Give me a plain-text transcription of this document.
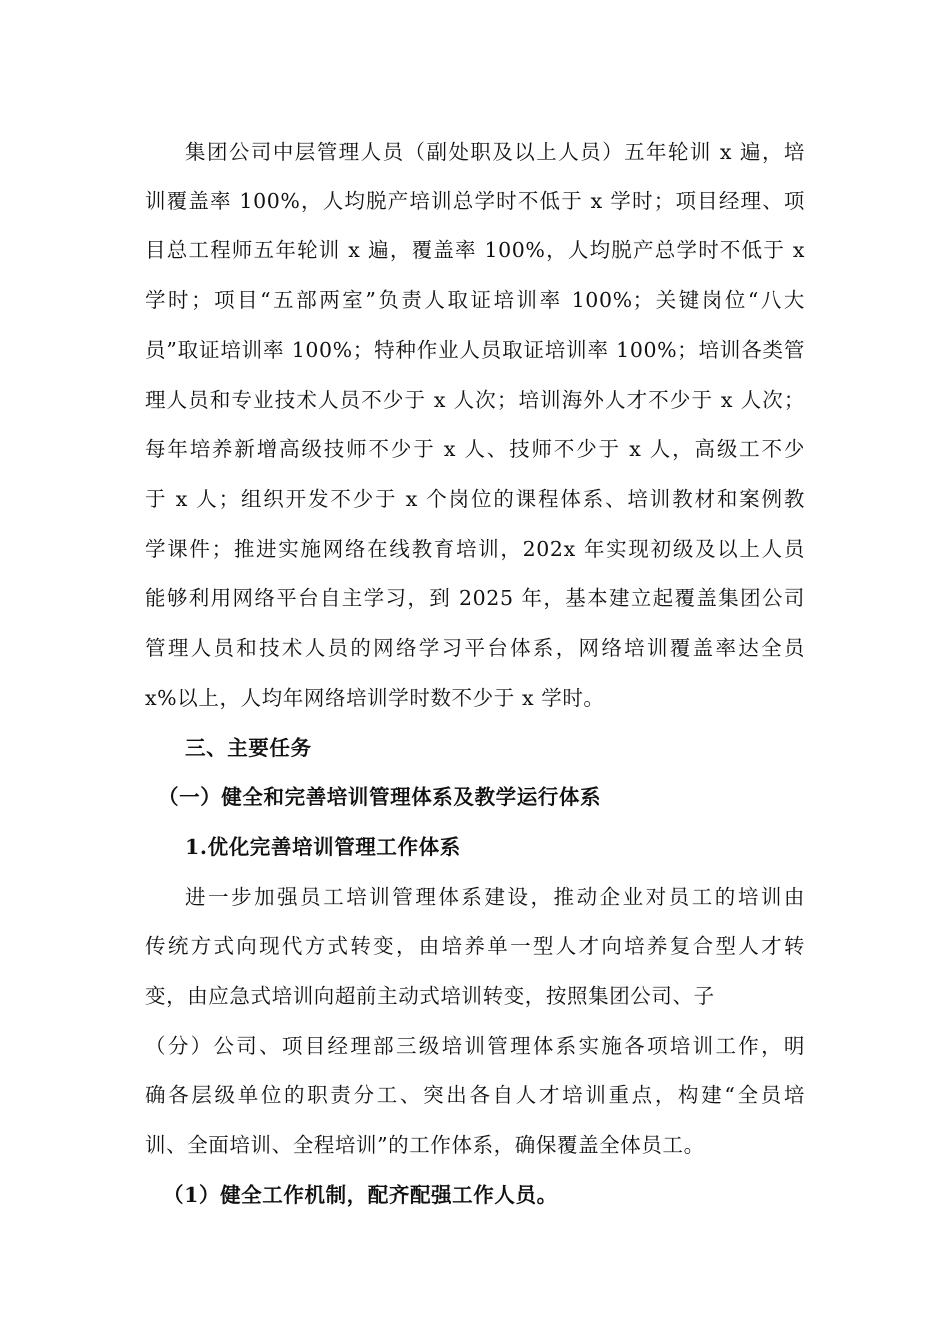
集团公司中层管理人员（副处职及以上人员）五年轮训 x 遍，培
训覆盖率 100%，人均脱产培训总学时不低于 x 学时；项目经理、项
目总工程师五年轮训 x 遍，覆盖率 100%，人均脱产总学时不低于 x
学时；项目“五部两室”负责人取证培训率 100%；关键岗位“八大
员”取证培训率 100%；特种作业人员取证培训率 100%；培训各类管
理人员和专业技术人员不少于 x 人次；培训海外人才不少于 x 人次；
每年培养新增高级技师不少于 x 人、技师不少于 x 人，高级工不少
于 x 人；组织开发不少于 x 个岗位的课程体系、培训教材和案例教
学课件；推进实施网络在线教育培训，202x 年实现初级及以上人员
能够利用网络平台自主学习，到 2025 年，基本建立起覆盖集团公司
管理人员和技术人员的网络学习平台体系，网络培训覆盖率达全员
x%以上，人均年网络培训学时数不少于 x 学时。
三、主要任务
（一）健全和完善培训管理体系及教学运行体系
1.优化完善培训管理工作体系
进一步加强员工培训管理体系建设，推动企业对员工的培训由
传统方式向现代方式转变，由培养单一型人才向培养复合型人才转
变，由应急式培训向超前主动式培训转变，按照集团公司、子
（分）公司、项目经理部三级培训管理体系实施各项培训工作，明
确各层级单位的职责分工、突出各自人才培训重点，构建“全员培
训、全面培训、全程培训”的工作体系，确保覆盖全体员工。
（1）健全工作机制，配齐配强工作人员。
